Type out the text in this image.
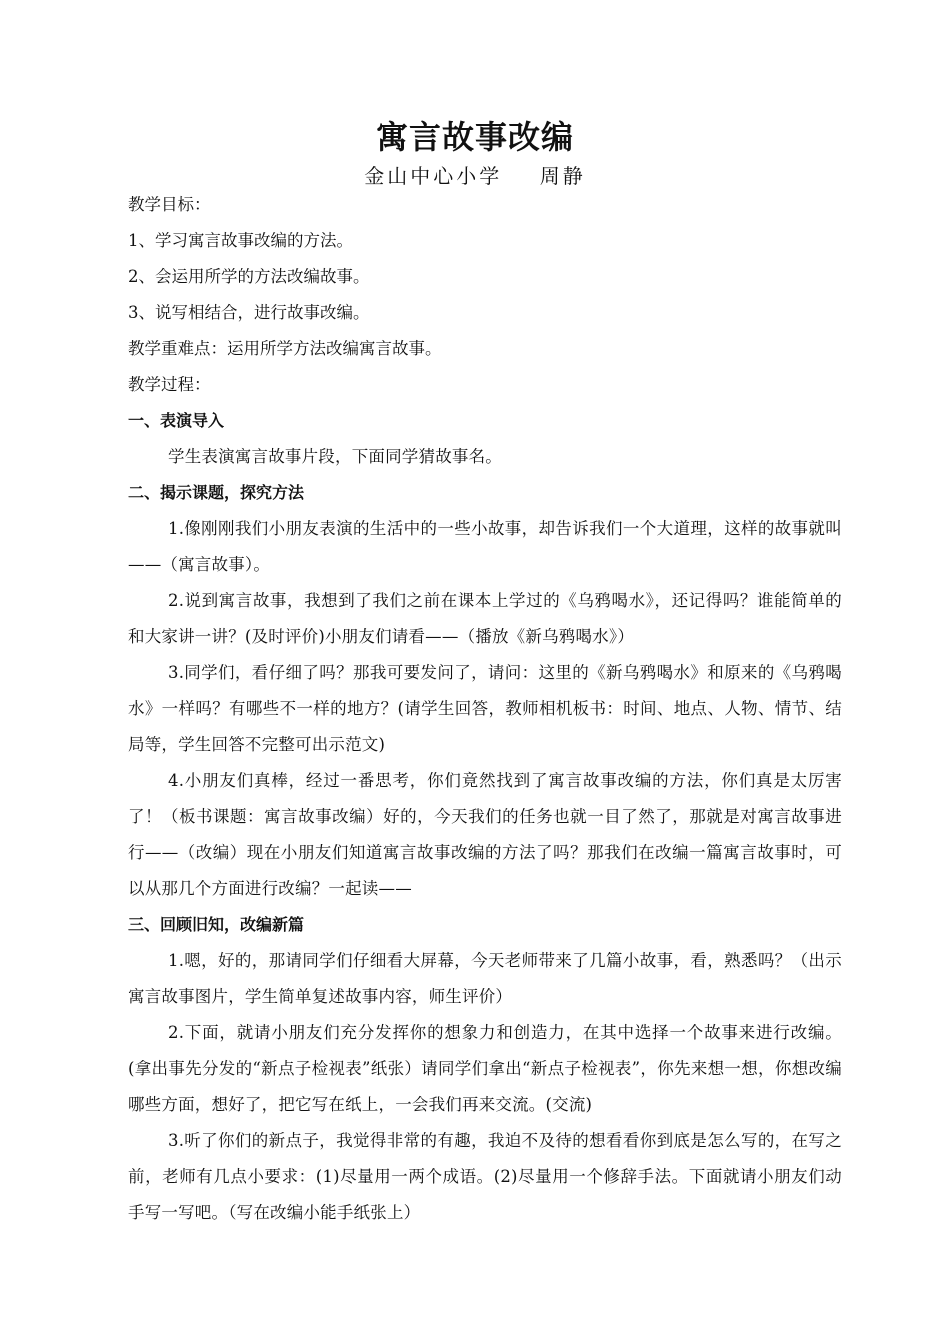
寓言故事改编
金山中心小学    周静

教学目标：

1、学习寓言故事改编的方法。

2、会运用所学的方法改编故事。

3、说写相结合，进行故事改编。

教学重难点：运用所学方法改编寓言故事。

教学过程：

一、表演导入

学生表演寓言故事片段，下面同学猜故事名。

二、揭示课题，探究方法

1.像刚刚我们小朋友表演的生活中的一些小故事，却告诉我们一个大道理，这样的故事就叫——（寓言故事）。

2.说到寓言故事，我想到了我们之前在课本上学过的《乌鸦喝水》，还记得吗？谁能简单的和大家讲一讲？(及时评价)小朋友们请看——（播放《新乌鸦喝水》）

3.同学们，看仔细了吗？那我可要发问了，请问：这里的《新乌鸦喝水》和原来的《乌鸦喝水》一样吗？有哪些不一样的地方？(请学生回答，教师相机板书：时间、地点、人物、情节、结局等，学生回答不完整可出示范文)

4.小朋友们真棒，经过一番思考，你们竟然找到了寓言故事改编的方法，你们真是太厉害了！（板书课题：寓言故事改编）好的，今天我们的任务也就一目了然了，那就是对寓言故事进行——（改编）现在小朋友们知道寓言故事改编的方法了吗？那我们在改编一篇寓言故事时，可以从那几个方面进行改编？一起读——

三、回顾旧知，改编新篇

1.嗯，好的，那请同学们仔细看大屏幕，今天老师带来了几篇小故事，看，熟悉吗？（出示寓言故事图片，学生简单复述故事内容，师生评价）

2.下面，就请小朋友们充分发挥你的想象力和创造力，在其中选择一个故事来进行改编。(拿出事先分发的“新点子检视表”纸张）请同学们拿出“新点子检视表”，你先来想一想，你想改编哪些方面，想好了，把它写在纸上，一会我们再来交流。(交流)

3.听了你们的新点子，我觉得非常的有趣，我迫不及待的想看看你到底是怎么写的，在写之前，老师有几点小要求：(1)尽量用一两个成语。(2)尽量用一个修辞手法。下面就请小朋友们动手写一写吧。（写在改编小能手纸张上）
